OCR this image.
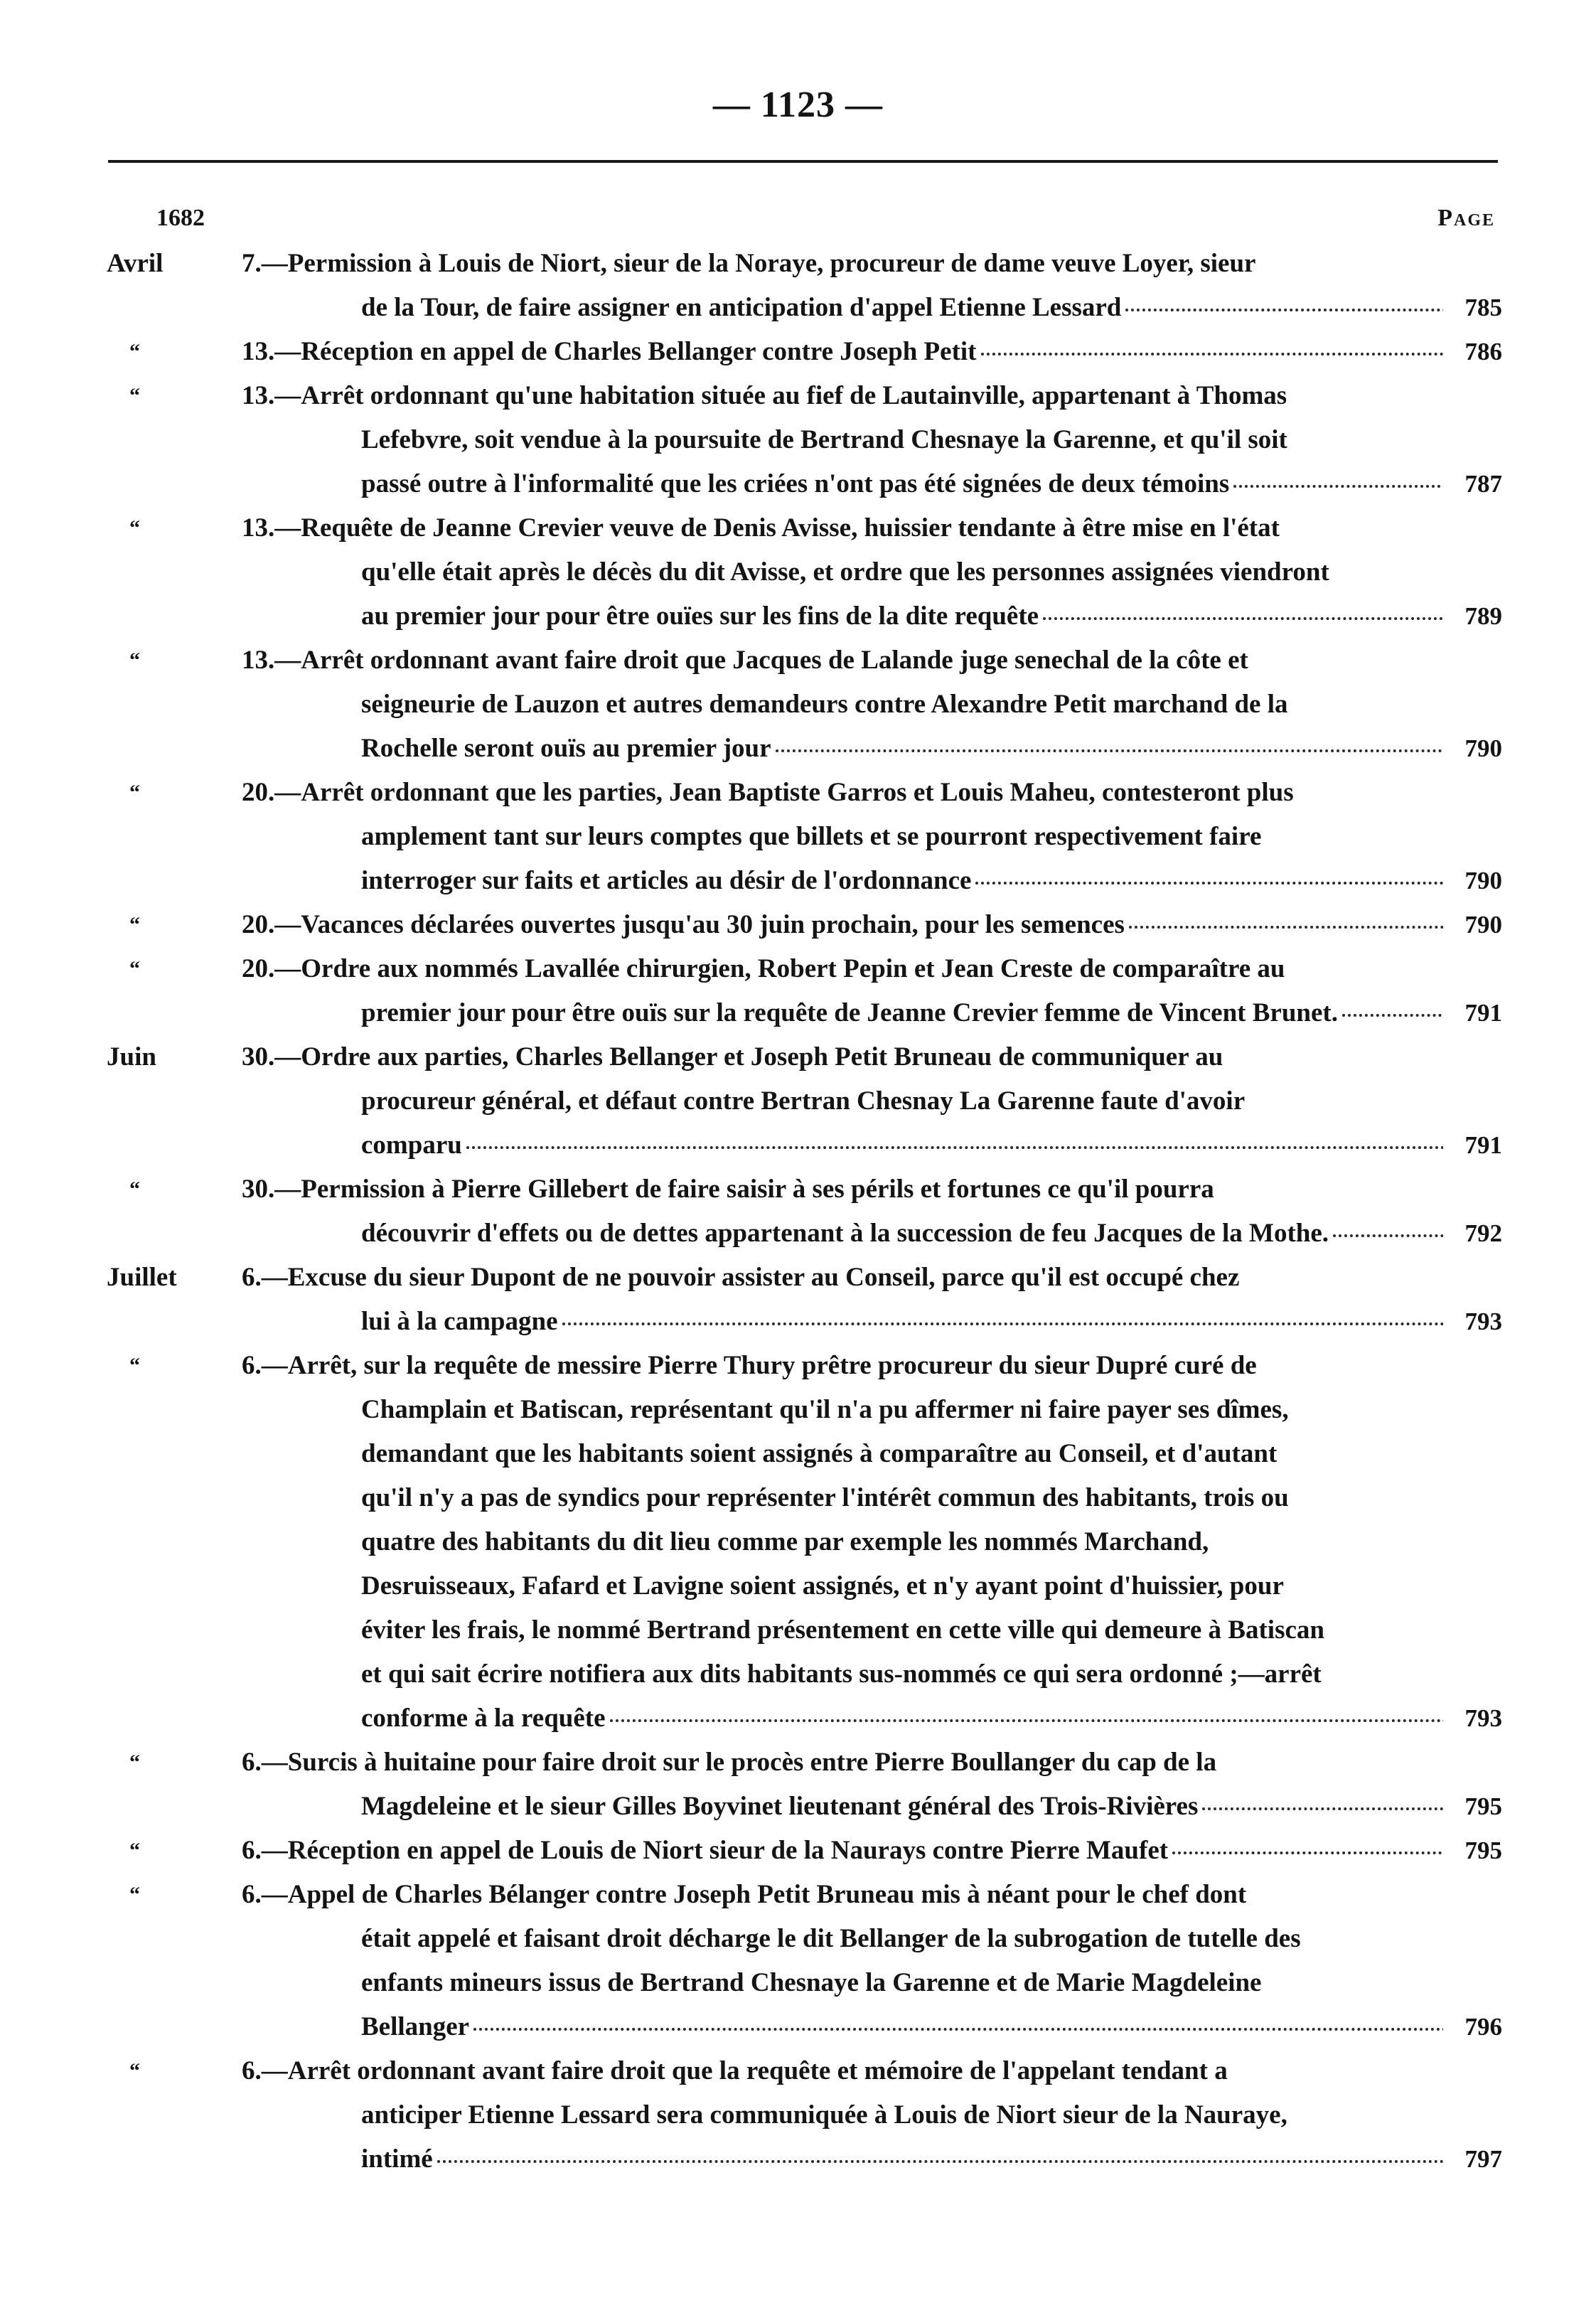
— 1123 —
1682	Page
Avril	7.—Permission à Louis de Niort, sieur de la Noraye, procureur de dame veuve Loyer, sieur
de la Tour, de faire assigner en anticipation d'appel Etienne Lessard	785
“	13.—Réception en appel de Charles Bellanger contre Joseph Petit	786
“	13.—Arrêt ordonnant qu'une habitation située au fief de Lautainville, appartenant à Thomas
Lefebvre, soit vendue à la poursuite de Bertrand Chesnaye la Garenne, et qu'il soit
passé outre à l'informalité que les criées n'ont pas été signées de deux témoins	787
“	13.—Requête de Jeanne Crevier veuve de Denis Avisse, huissier tendante à être mise en l'état
qu'elle était après le décès du dit Avisse, et ordre que les personnes assignées viendront
au premier jour pour être ouïes sur les fins de la dite requête	789
“	13.—Arrêt ordonnant avant faire droit que Jacques de Lalande juge senechal de la côte et
seigneurie de Lauzon et autres demandeurs contre Alexandre Petit marchand de la
Rochelle seront ouïs au premier jour	790
“	20.—Arrêt ordonnant que les parties, Jean Baptiste Garros et Louis Maheu, contesteront plus
amplement tant sur leurs comptes que billets et se pourront respectivement faire
interroger sur faits et articles au désir de l'ordonnance	790
“	20.—Vacances déclarées ouvertes jusqu'au 30 juin prochain, pour les semences	790
“	20.—Ordre aux nommés Lavallée chirurgien, Robert Pepin et Jean Creste de comparaître au
premier jour pour être ouïs sur la requête de Jeanne Crevier femme de Vincent Brunet.	791
Juin	30.—Ordre aux parties, Charles Bellanger et Joseph Petit Bruneau de communiquer au
procureur général, et défaut contre Bertran Chesnay La Garenne faute d'avoir
comparu	791
“	30.—Permission à Pierre Gillebert de faire saisir à ses périls et fortunes ce qu'il pourra
découvrir d'effets ou de dettes appartenant à la succession de feu Jacques de la Mothe.	792
Juillet 6.—Excuse du sieur Dupont de ne pouvoir assister au Conseil, parce qu'il est occupé chez
lui à la campagne	793
“	6.—Arrêt, sur la requête de messire Pierre Thury prêtre procureur du sieur Dupré curé de
Champlain et Batiscan, représentant qu'il n'a pu affermer ni faire payer ses dîmes,
demandant que les habitants soient assignés à comparaître au Conseil, et d'autant
qu'il n'y a pas de syndics pour représenter l'intérêt commun des habitants, trois ou
quatre des habitants du dit lieu comme par exemple les nommés Marchand,
Desruisseaux, Fafard et Lavigne soient assignés, et n'y ayant point d'huissier, pour
éviter les frais, le nommé Bertrand présentement en cette ville qui demeure à Batiscan
et qui sait écrire notifiera aux dits habitants sus-nommés ce qui sera ordonné ;—arrêt
conforme à la requête	793
“	6.—Surcis à huitaine pour faire droit sur le procès entre Pierre Boullanger du cap de la
Magdeleine et le sieur Gilles Boyvinet lieutenant général des Trois-Rivières	795
“	6.—Réception en appel de Louis de Niort sieur de la Naurays contre Pierre Maufet	795
“	6.—Appel de Charles Bélanger contre Joseph Petit Bruneau mis à néant pour le chef dont
était appelé et faisant droit décharge le dit Bellanger de la subrogation de tutelle des
enfants mineurs issus de Bertrand Chesnaye la Garenne et de Marie Magdeleine
Bellanger	796
“	6.—Arrêt ordonnant avant faire droit que la requête et mémoire de l'appelant tendant a
anticiper Etienne Lessard sera communiquée à Louis de Niort sieur de la Nauraye,
intimé	797
